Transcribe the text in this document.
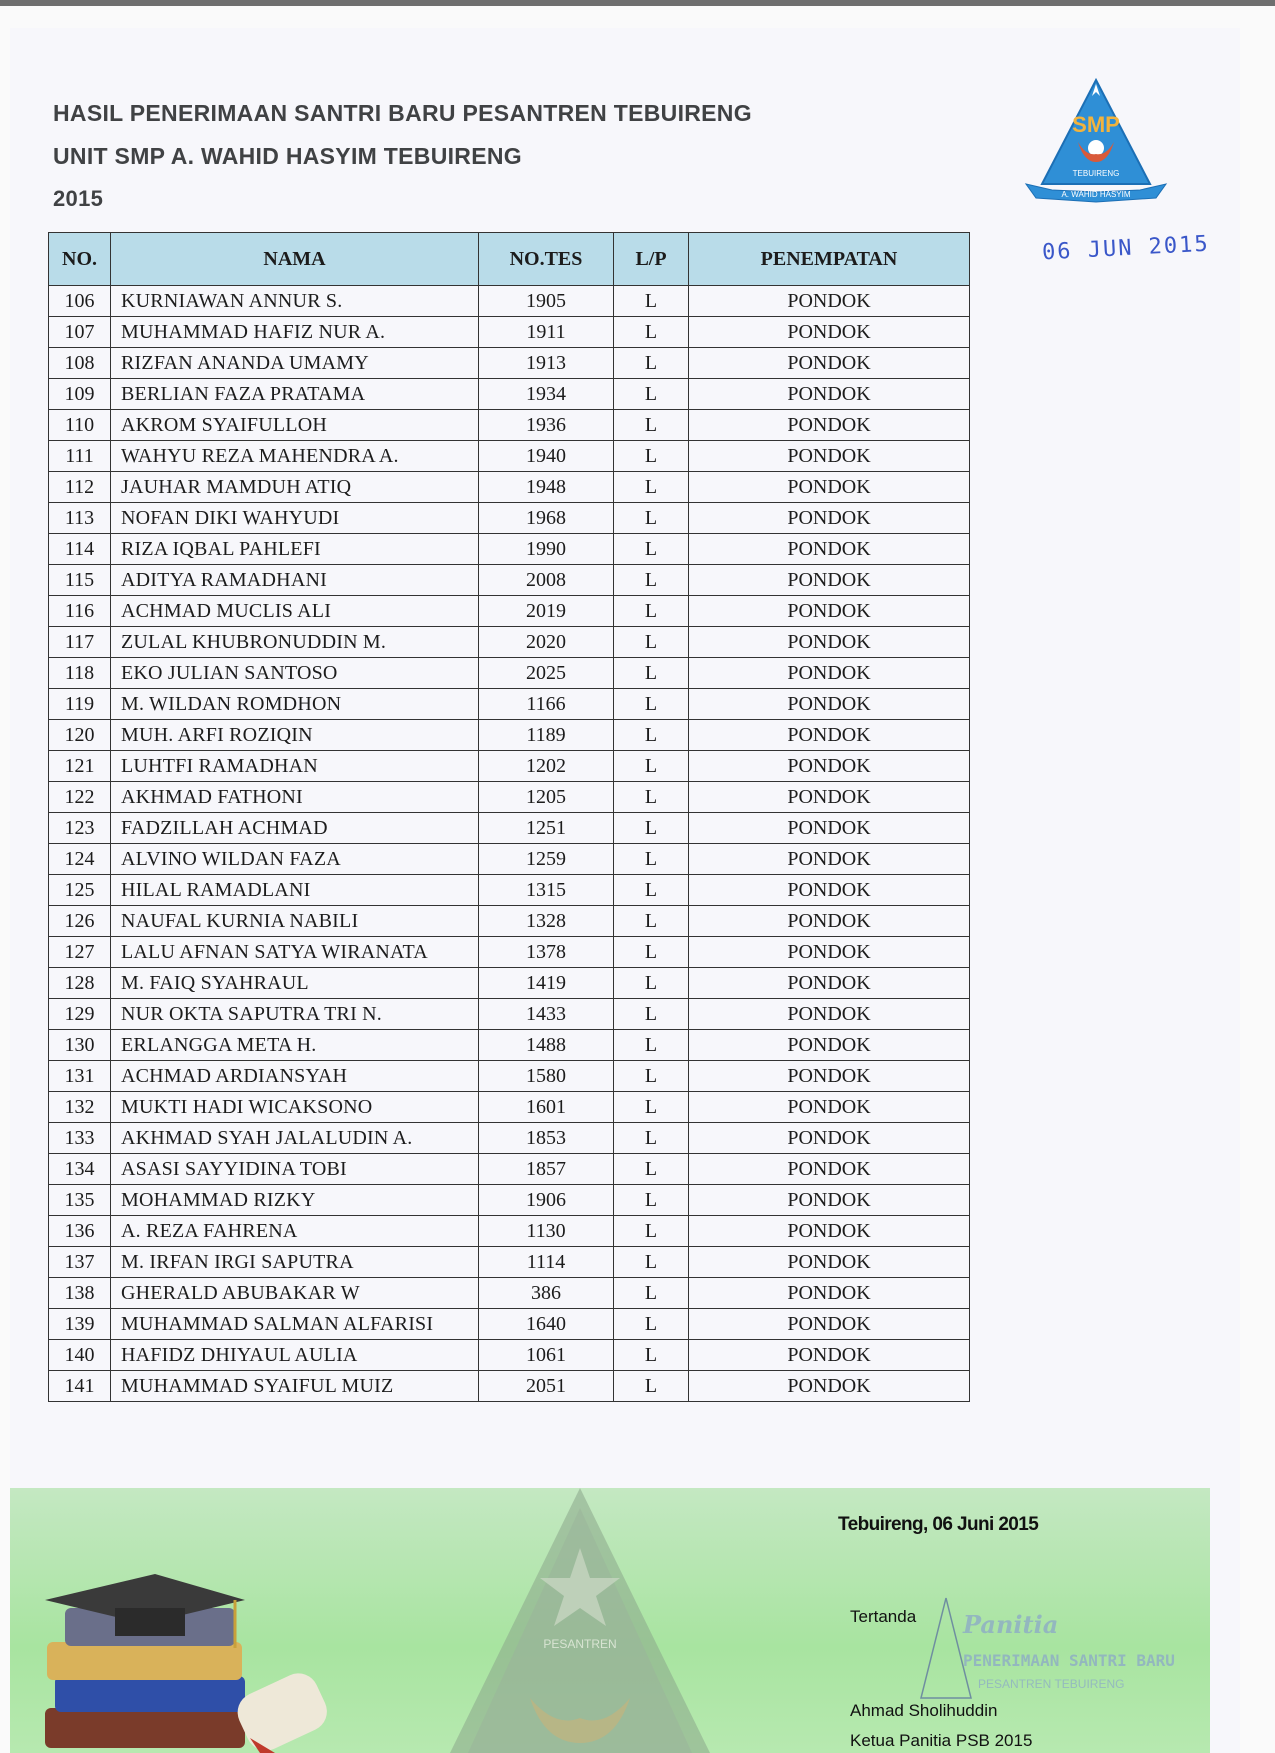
HASIL PENERIMAAN SANTRI BARU PESANTREN TEBUIRENG
UNIT SMP A. WAHID HASYIM TEBUIRENG
2015
SMP
TEBUIRENG
A. WAHID HASYIM
06 JUN 2015
NO.	NAMA	NO.TES	L/P	PENEMPATAN
106	KURNIAWAN ANNUR S.	1905	L	PONDOK
107	MUHAMMAD HAFIZ NUR A.	1911	L	PONDOK
108	RIZFAN ANANDA UMAMY	1913	L	PONDOK
109	BERLIAN FAZA PRATAMA	1934	L	PONDOK
110	AKROM SYAIFULLOH	1936	L	PONDOK
111	WAHYU REZA MAHENDRA A.	1940	L	PONDOK
112	JAUHAR MAMDUH ATIQ	1948	L	PONDOK
113	NOFAN DIKI WAHYUDI	1968	L	PONDOK
114	RIZA IQBAL PAHLEFI	1990	L	PONDOK
115	ADITYA RAMADHANI	2008	L	PONDOK
116	ACHMAD MUCLIS ALI	2019	L	PONDOK
117	ZULAL KHUBRONUDDIN M.	2020	L	PONDOK
118	EKO JULIAN SANTOSO	2025	L	PONDOK
119	M. WILDAN ROMDHON	1166	L	PONDOK
120	MUH. ARFI ROZIQIN	1189	L	PONDOK
121	LUHTFI RAMADHAN	1202	L	PONDOK
122	AKHMAD FATHONI	1205	L	PONDOK
123	FADZILLAH ACHMAD	1251	L	PONDOK
124	ALVINO WILDAN FAZA	1259	L	PONDOK
125	HILAL RAMADLANI	1315	L	PONDOK
126	NAUFAL KURNIA NABILI	1328	L	PONDOK
127	LALU AFNAN SATYA WIRANATA	1378	L	PONDOK
128	M. FAIQ SYAHRAUL	1419	L	PONDOK
129	NUR OKTA SAPUTRA TRI N.	1433	L	PONDOK
130	ERLANGGA META H.	1488	L	PONDOK
131	ACHMAD ARDIANSYAH	1580	L	PONDOK
132	MUKTI HADI WICAKSONO	1601	L	PONDOK
133	AKHMAD SYAH JALALUDIN A.	1853	L	PONDOK
134	ASASI SAYYIDINA TOBI	1857	L	PONDOK
135	MOHAMMAD RIZKY	1906	L	PONDOK
136	A. REZA FAHRENA	1130	L	PONDOK
137	M. IRFAN IRGI SAPUTRA	1114	L	PONDOK
138	GHERALD ABUBAKAR W	386	L	PONDOK
139	MUHAMMAD SALMAN ALFARISI	1640	L	PONDOK
140	HAFIDZ DHIYAUL AULIA	1061	L	PONDOK
141	MUHAMMAD SYAIFUL MUIZ	2051	L	PONDOK
PESANTREN
Tebuireng, 06 Juni 2015
Tertanda Panitia
PENERIMAAN SANTRI BARU
PESANTREN TEBUIRENG
Ahmad Sholihuddin
Ketua Panitia PSB 2015
